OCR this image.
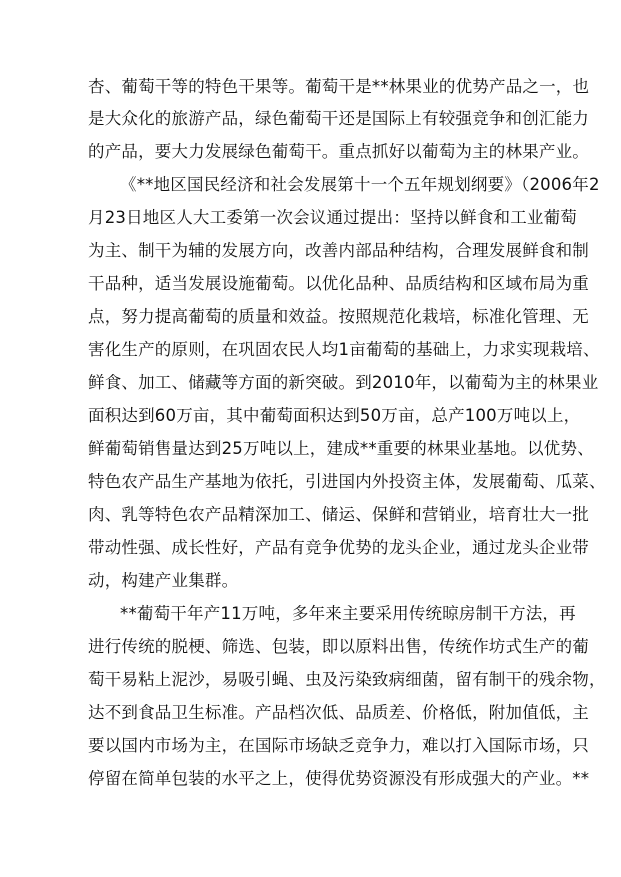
杏、葡萄干等的特色干果等。葡萄干是**林果业的优势产品之一，也

是大众化的旅游产品，绿色葡萄干还是国际上有较强竞争和创汇能力

的产品，要大力发展绿色葡萄干。重点抓好以葡萄为主的林果产业。

《**地区国民经济和社会发展第十一个五年规划纲要》（2006年2

月23日地区人大工委第一次会议通过提出：坚持以鲜食和工业葡萄

为主、制干为辅的发展方向，改善内部品种结构，合理发展鲜食和制

干品种，适当发展设施葡萄。以优化品种、品质结构和区域布局为重

点，努力提高葡萄的质量和效益。按照规范化栽培，标准化管理、无

害化生产的原则，在巩固农民人均1亩葡萄的基础上，力求实现栽培、

鲜食、加工、储藏等方面的新突破。到2010年，以葡萄为主的林果业

面积达到60万亩，其中葡萄面积达到50万亩，总产100万吨以上，

鲜葡萄销售量达到25万吨以上，建成**重要的林果业基地。以优势、

特色农产品生产基地为依托，引进国内外投资主体，发展葡萄、瓜菜、

肉、乳等特色农产品精深加工、储运、保鲜和营销业，培育壮大一批

带动性强、成长性好，产品有竞争优势的龙头企业，通过龙头企业带

动，构建产业集群。

**葡萄干年产11万吨，多年来主要采用传统晾房制干方法，再

进行传统的脱梗、筛选、包装，即以原料出售，传统作坊式生产的葡

萄干易粘上泥沙，易吸引蝇、虫及污染致病细菌，留有制干的残余物，

达不到食品卫生标准。产品档次低、品质差、价格低，附加值低，主

要以国内市场为主，在国际市场缺乏竞争力，难以打入国际市场，只

停留在简单包装的水平之上，使得优势资源没有形成强大的产业。**
